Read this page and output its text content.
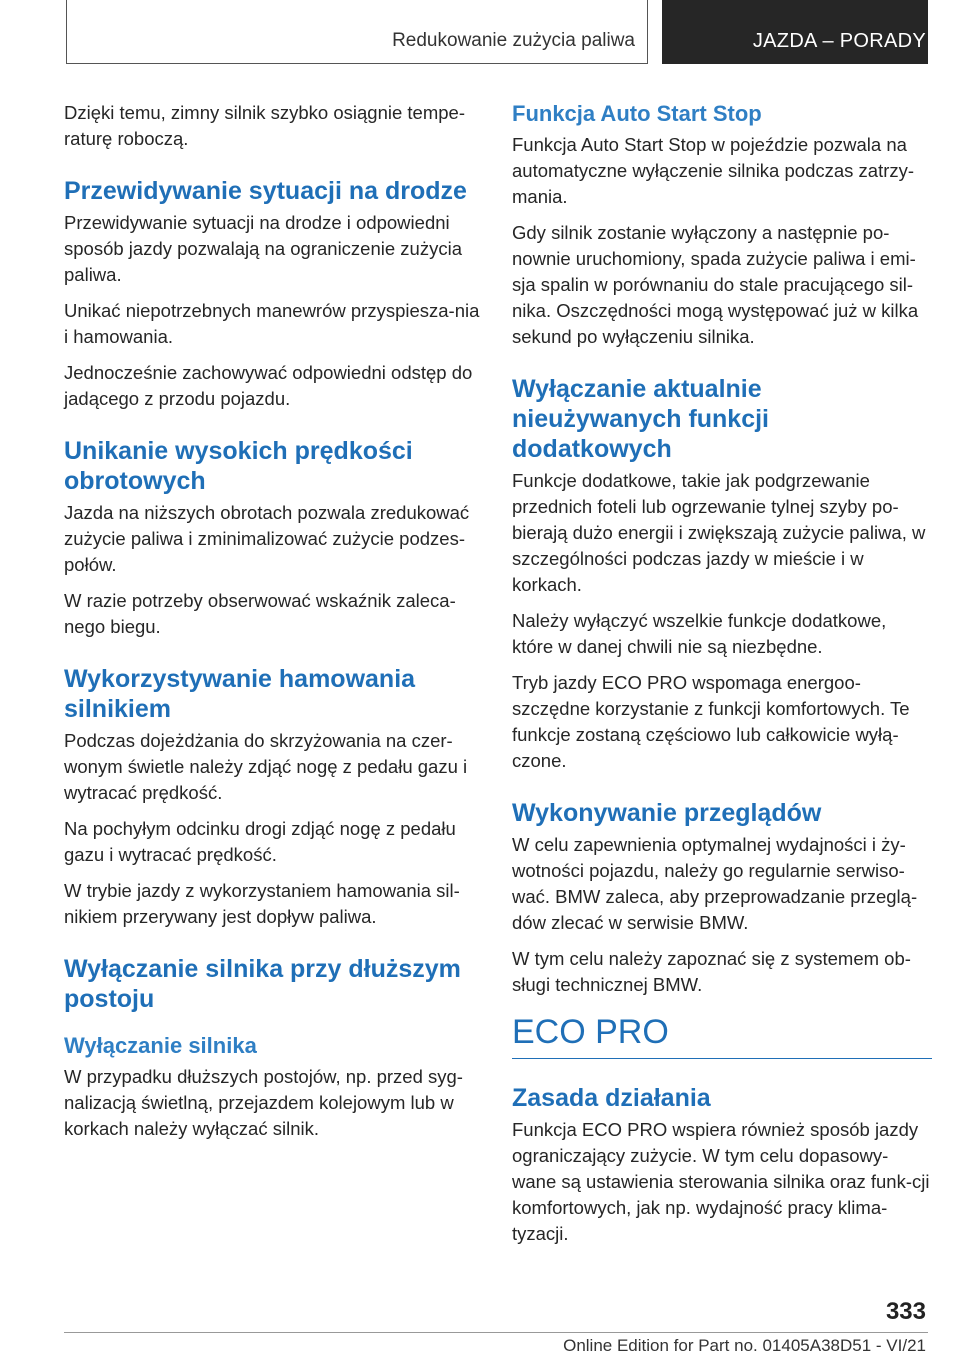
Redukowanie zużycia paliwa	JAZDA – PORADY

Dzięki temu, zimny silnik szybko osiągnie tempe-raturę roboczą.

Przewidywanie sytuacji na drodze

Przewidywanie sytuacji na drodze i odpowiedni sposób jazdy pozwalają na ograniczenie zużycia paliwa.

Unikać niepotrzebnych manewrów przyspiesza-nia i hamowania.

Jednocześnie zachowywać odpowiedni odstęp do jadącego z przodu pojazdu.

Unikanie wysokich prędkości obrotowych

Jazda na niższych obrotach pozwala zredukować zużycie paliwa i zminimalizować zużycie podzes-połów.

W razie potrzeby obserwować wskaźnik zaleca-nego biegu.

Wykorzystywanie hamowania silnikiem

Podczas dojeżdżania do skrzyżowania na czer-wonym świetle należy zdjąć nogę z pedału gazu i wytracać prędkość.

Na pochyłym odcinku drogi zdjąć nogę z pedału gazu i wytracać prędkość.

W trybie jazdy z wykorzystaniem hamowania sil-nikiem przerywany jest dopływ paliwa.

Wyłączanie silnika przy dłuższym postoju
Wyłączanie silnika

W przypadku dłuższych postojów, np. przed syg-nalizacją świetlną, przejazdem kolejowym lub w korkach należy wyłączać silnik.

Funkcja Auto Start Stop

Funkcja Auto Start Stop w pojeździe pozwala na automatyczne wyłączenie silnika podczas zatrzy-mania.

Gdy silnik zostanie wyłączony a następnie po-nownie uruchomiony, spada zużycie paliwa i emi-sja spalin w porównaniu do stale pracującego sil-nika. Oszczędności mogą występować już w kilka sekund po wyłączeniu silnika.

Wyłączanie aktualnie nieużywanych funkcji dodatkowych

Funkcje dodatkowe, takie jak podgrzewanie przednich foteli lub ogrzewanie tylnej szyby po-bierają dużo energii i zwiększają zużycie paliwa, w szczególności podczas jazdy w mieście i w korkach.

Należy wyłączyć wszelkie funkcje dodatkowe, które w danej chwili nie są niezbędne.

Tryb jazdy ECO PRO wspomaga energoo-szczędne korzystanie z funkcji komfortowych. Te funkcje zostaną częściowo lub całkowicie wyłą-czone.

Wykonywanie przeglądów

W celu zapewnienia optymalnej wydajności i ży-wotności pojazdu, należy go regularnie serwiso-wać. BMW zaleca, aby przeprowadzanie przeglą-dów zlecać w serwisie BMW.

W tym celu należy zapoznać się z systemem ob-sługi technicznej BMW.

ECO PRO
Zasada działania

Funkcja ECO PRO wspiera również sposób jazdy ograniczający zużycie. W tym celu dopasowy-wane są ustawienia sterowania silnika oraz funk-cji komfortowych, jak np. wydajność pracy klima-tyzacji.

333
Online Edition for Part no. 01405A38D51 - VI/21
